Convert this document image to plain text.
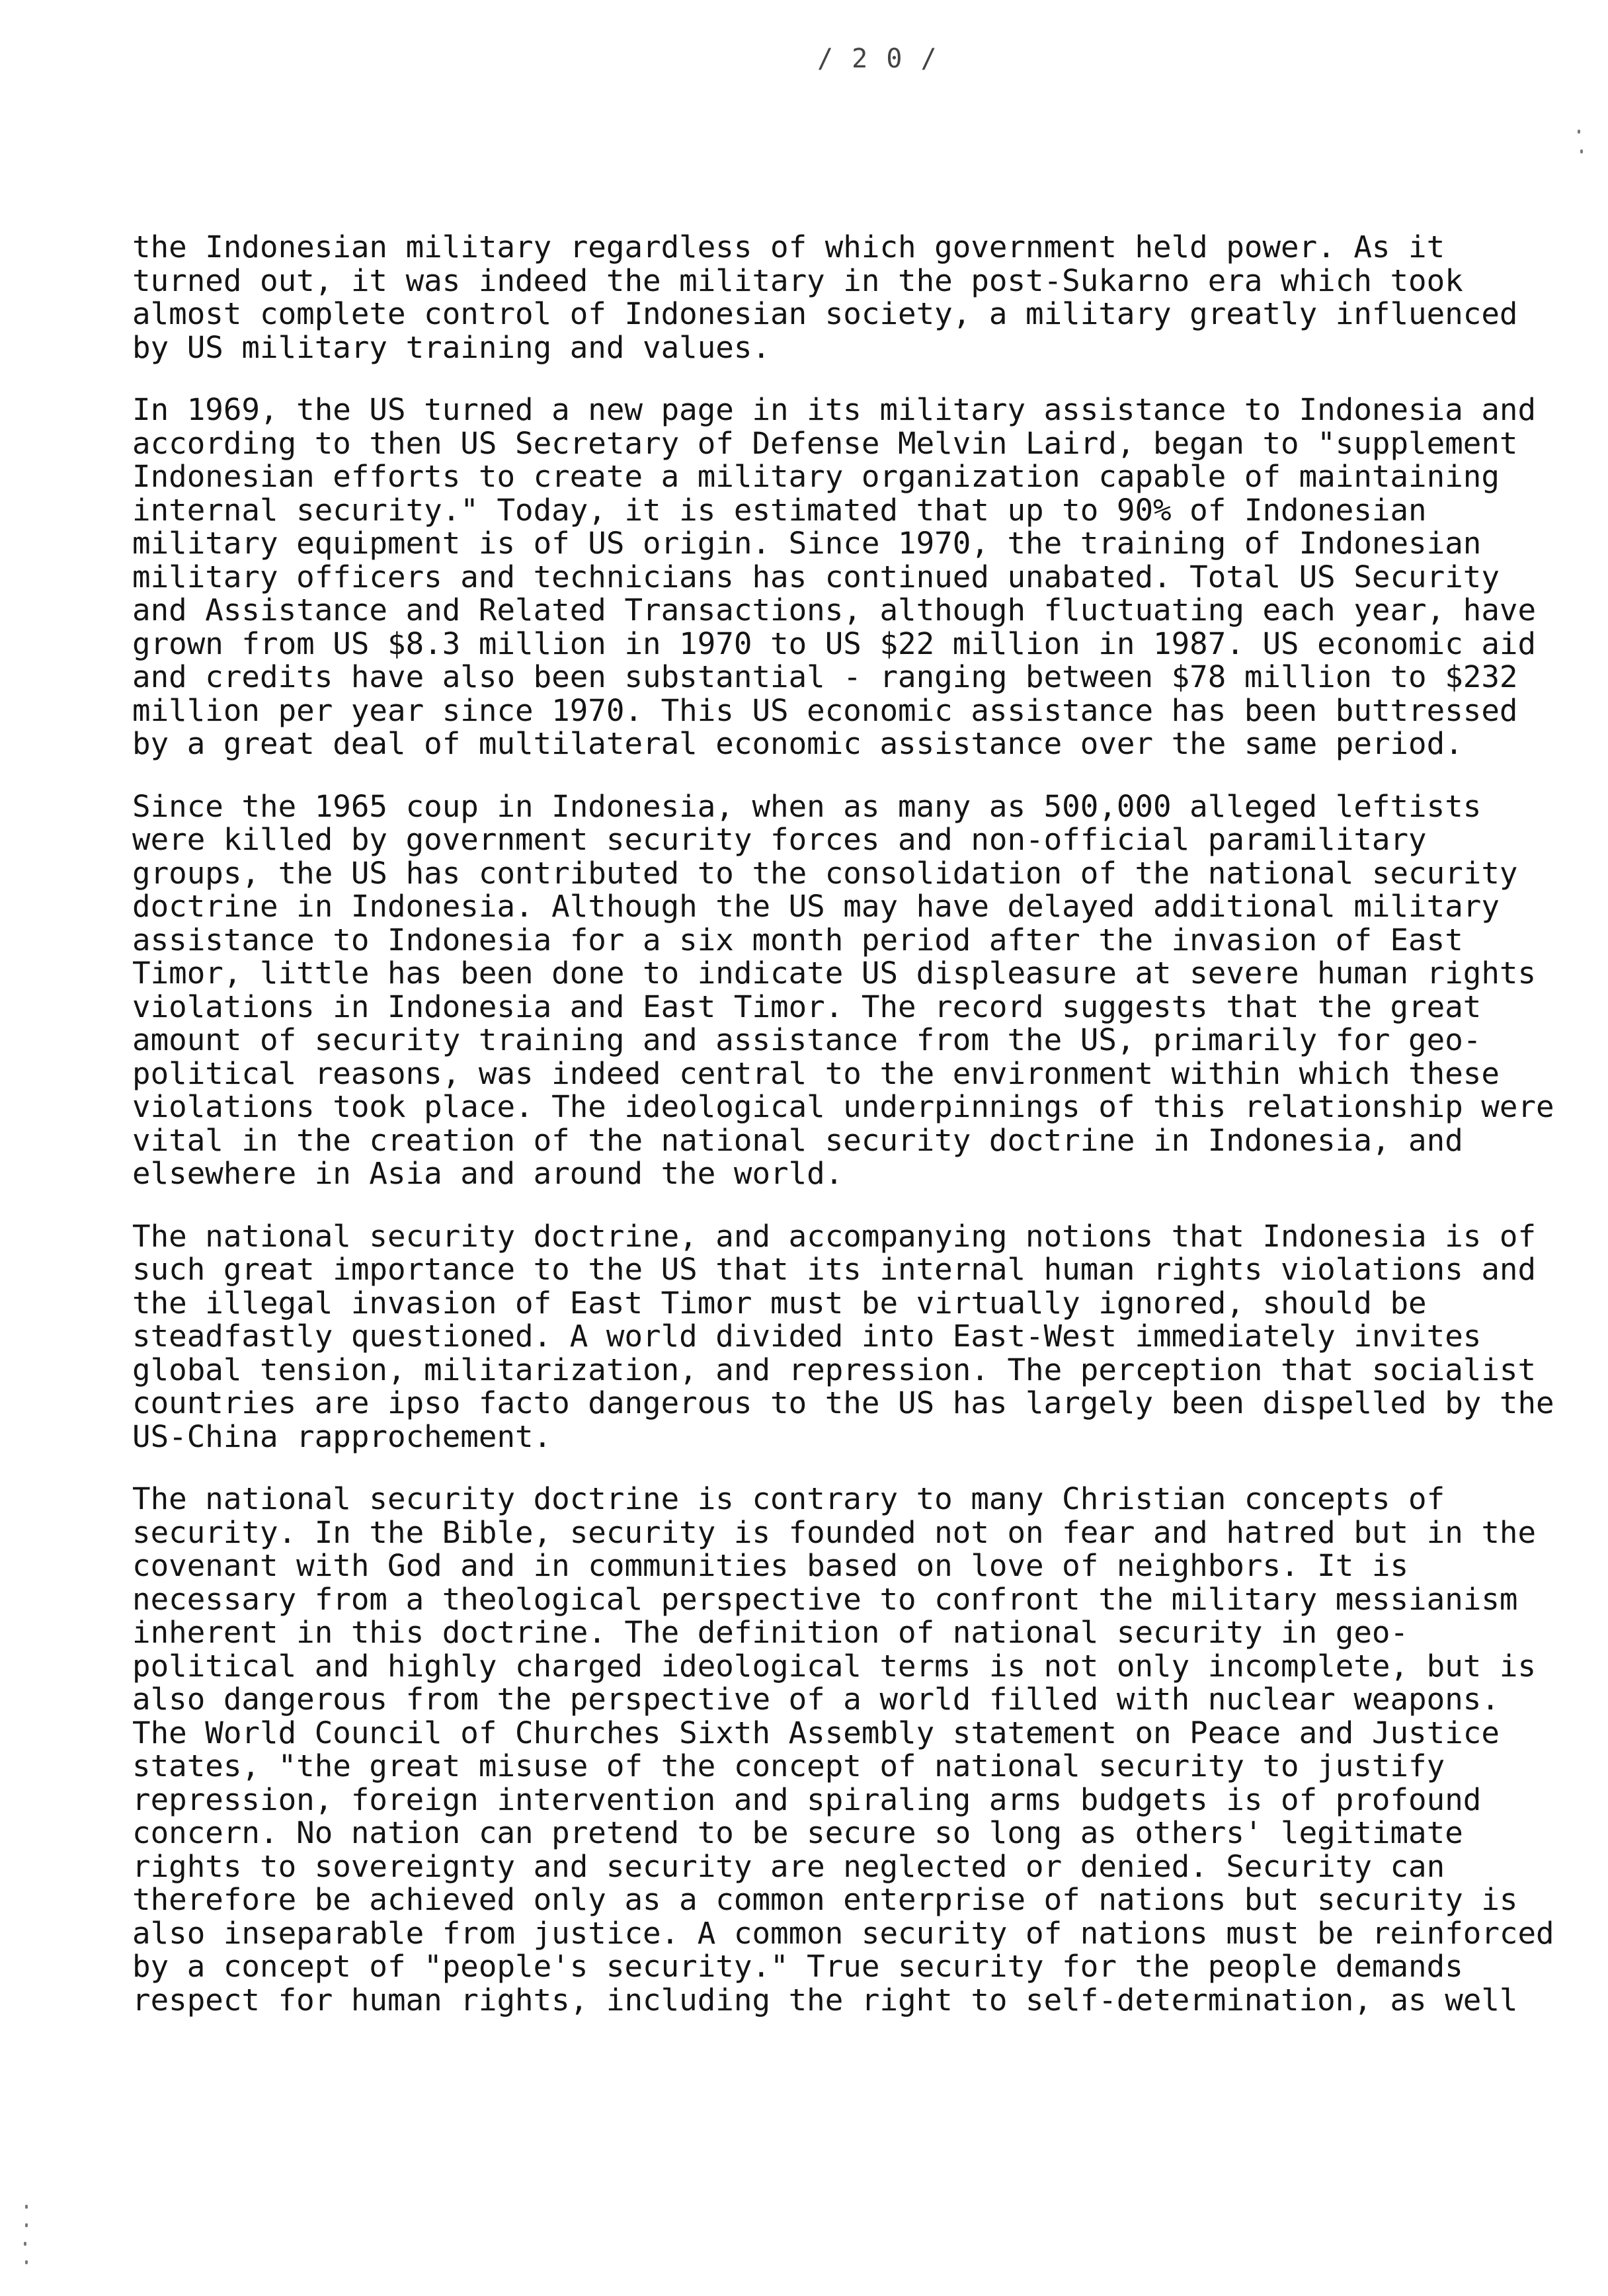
/ 2 0 /

the Indonesian military regardless of which government held power. As it
turned out, it was indeed the military in the post-Sukarno era which took
almost complete control of Indonesian society, a military greatly influenced
by US military training and values.

In 1969, the US turned a new page in its military assistance to Indonesia and
according to then US Secretary of Defense Melvin Laird, began to "supplement
Indonesian efforts to create a military organization capable of maintaining
internal security." Today, it is estimated that up to 90% of Indonesian
military equipment is of US origin. Since 1970, the training of Indonesian
military officers and technicians has continued unabated. Total US Security
and Assistance and Related Transactions, although fluctuating each year, have
grown from US $8.3 million in 1970 to US $22 million in 1987. US economic aid
and credits have also been substantial - ranging between $78 million to $232
million per year since 1970. This US economic assistance has been buttressed
by a great deal of multilateral economic assistance over the same period.

Since the 1965 coup in Indonesia, when as many as 500,000 alleged leftists
were killed by government security forces and non-official paramilitary
groups, the US has contributed to the consolidation of the national security
doctrine in Indonesia. Although the US may have delayed additional military
assistance to Indonesia for a six month period after the invasion of East
Timor, little has been done to indicate US displeasure at severe human rights
violations in Indonesia and East Timor. The record suggests that the great
amount of security training and assistance from the US, primarily for geo-
political reasons, was indeed central to the environment within which these
violations took place. The ideological underpinnings of this relationship were
vital in the creation of the national security doctrine in Indonesia, and
elsewhere in Asia and around the world.

The national security doctrine, and accompanying notions that Indonesia is of
such great importance to the US that its internal human rights violations and
the illegal invasion of East Timor must be virtually ignored, should be
steadfastly questioned. A world divided into East-West immediately invites
global tension, militarization, and repression. The perception that socialist
countries are ipso facto dangerous to the US has largely been dispelled by the
US-China rapprochement.

The national security doctrine is contrary to many Christian concepts of
security. In the Bible, security is founded not on fear and hatred but in the
covenant with God and in communities based on love of neighbors. It is
necessary from a theological perspective to confront the military messianism
inherent in this doctrine. The definition of national security in geo-
political and highly charged ideological terms is not only incomplete, but is
also dangerous from the perspective of a world filled with nuclear weapons.
The World Council of Churches Sixth Assembly statement on Peace and Justice
states, "the great misuse of the concept of national security to justify
repression, foreign intervention and spiraling arms budgets is of profound
concern. No nation can pretend to be secure so long as others' legitimate
rights to sovereignty and security are neglected or denied. Security can
therefore be achieved only as a common enterprise of nations but security is
also inseparable from justice. A common security of nations must be reinforced
by a concept of "people's security." True security for the people demands
respect for human rights, including the right to self-determination, as well
